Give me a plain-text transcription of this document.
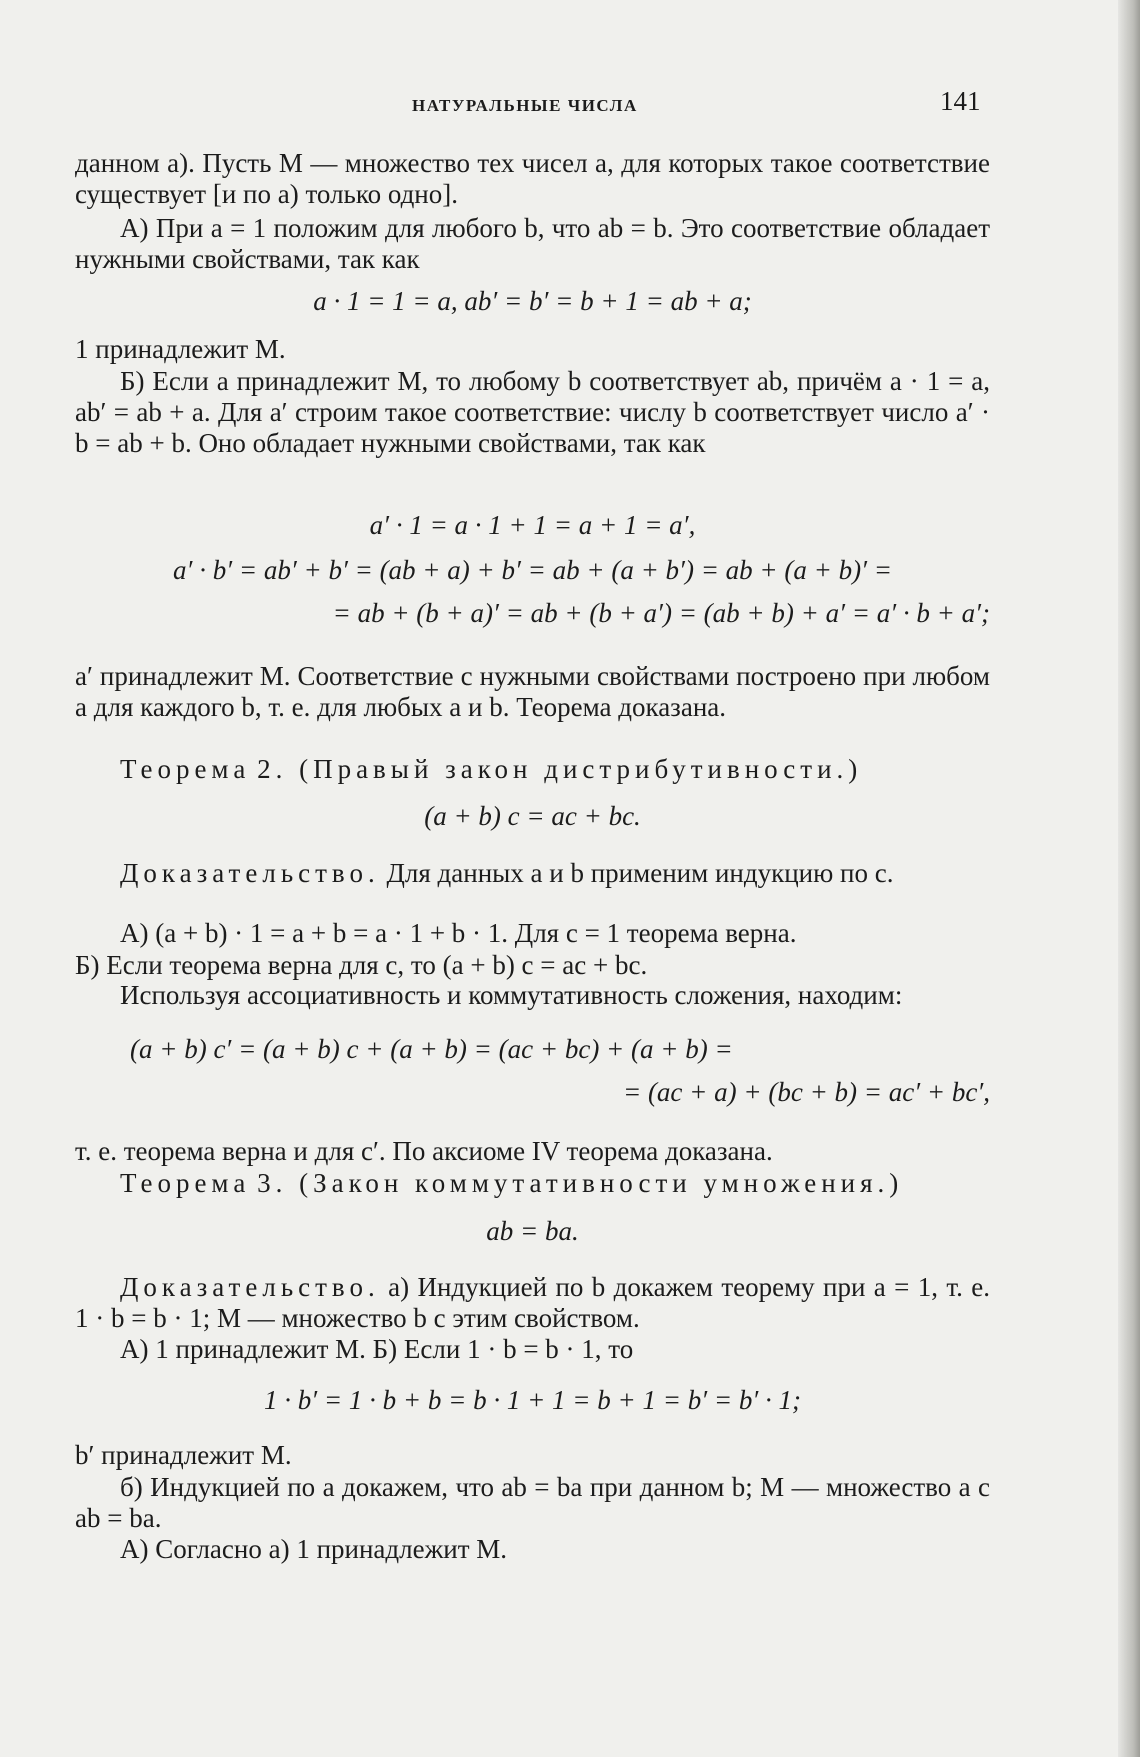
НАТУРАЛЬНЫЕ ЧИСЛА	141

данном a). Пусть M — множество тех чисел a, для которых такое соответствие существует [и по a) только одно].

A) При a = 1 положим для любого b, что ab = b. Это соответствие обладает нужными свойствами, так как

a · 1 = 1 = a, ab′ = b′ = b + 1 = ab + a;

1 принадлежит M.

Б) Если a принадлежит M, то любому b соответствует ab, причём a · 1 = a, ab′ = ab + a. Для a′ строим такое соответствие: числу b соответствует число a′ · b = ab + b. Оно обладает нужными свойствами, так как

a′ · 1 = a · 1 + 1 = a + 1 = a′,

a′ · b′ = ab′ + b′ = (ab + a) + b′ = ab + (a + b′) = ab + (a + b)′ =

= ab + (b + a)′ = ab + (b + a′) = (ab + b) + a′ = a′ · b + a′;

a′ принадлежит M. Соответствие с нужными свойствами построено при любом a для каждого b, т. е. для любых a и b. Теорема доказана.

Теорема 2. (Правый закон дистрибутивности.)

(a + b) c = ac + bc.

Доказательство. Для данных a и b применим индукцию по c.

A) (a + b) · 1 = a + b = a · 1 + b · 1. Для c = 1 теорема верна.

Б) Если теорема верна для c, то (a + b) c = ac + bc.

Используя ассоциативность и коммутативность сложения, находим:

(a + b) c′ = (a + b) c + (a + b) = (ac + bc) + (a + b) =

= (ac + a) + (bc + b) = ac′ + bc′,

т. е. теорема верна и для c′. По аксиоме IV теорема доказана.

Теорема 3. (Закон коммутативности умножения.)

ab = ba.

Доказательство. a) Индукцией по b докажем теорему при a = 1, т. е. 1 · b = b · 1; M — множество b с этим свойством.

A) 1 принадлежит M. Б) Если 1 · b = b · 1, то

1 · b′ = 1 · b + b = b · 1 + 1 = b + 1 = b′ = b′ · 1;

b′ принадлежит M.

б) Индукцией по a докажем, что ab = ba при данном b; M — множество a с ab = ba.

A) Согласно a) 1 принадлежит M.
